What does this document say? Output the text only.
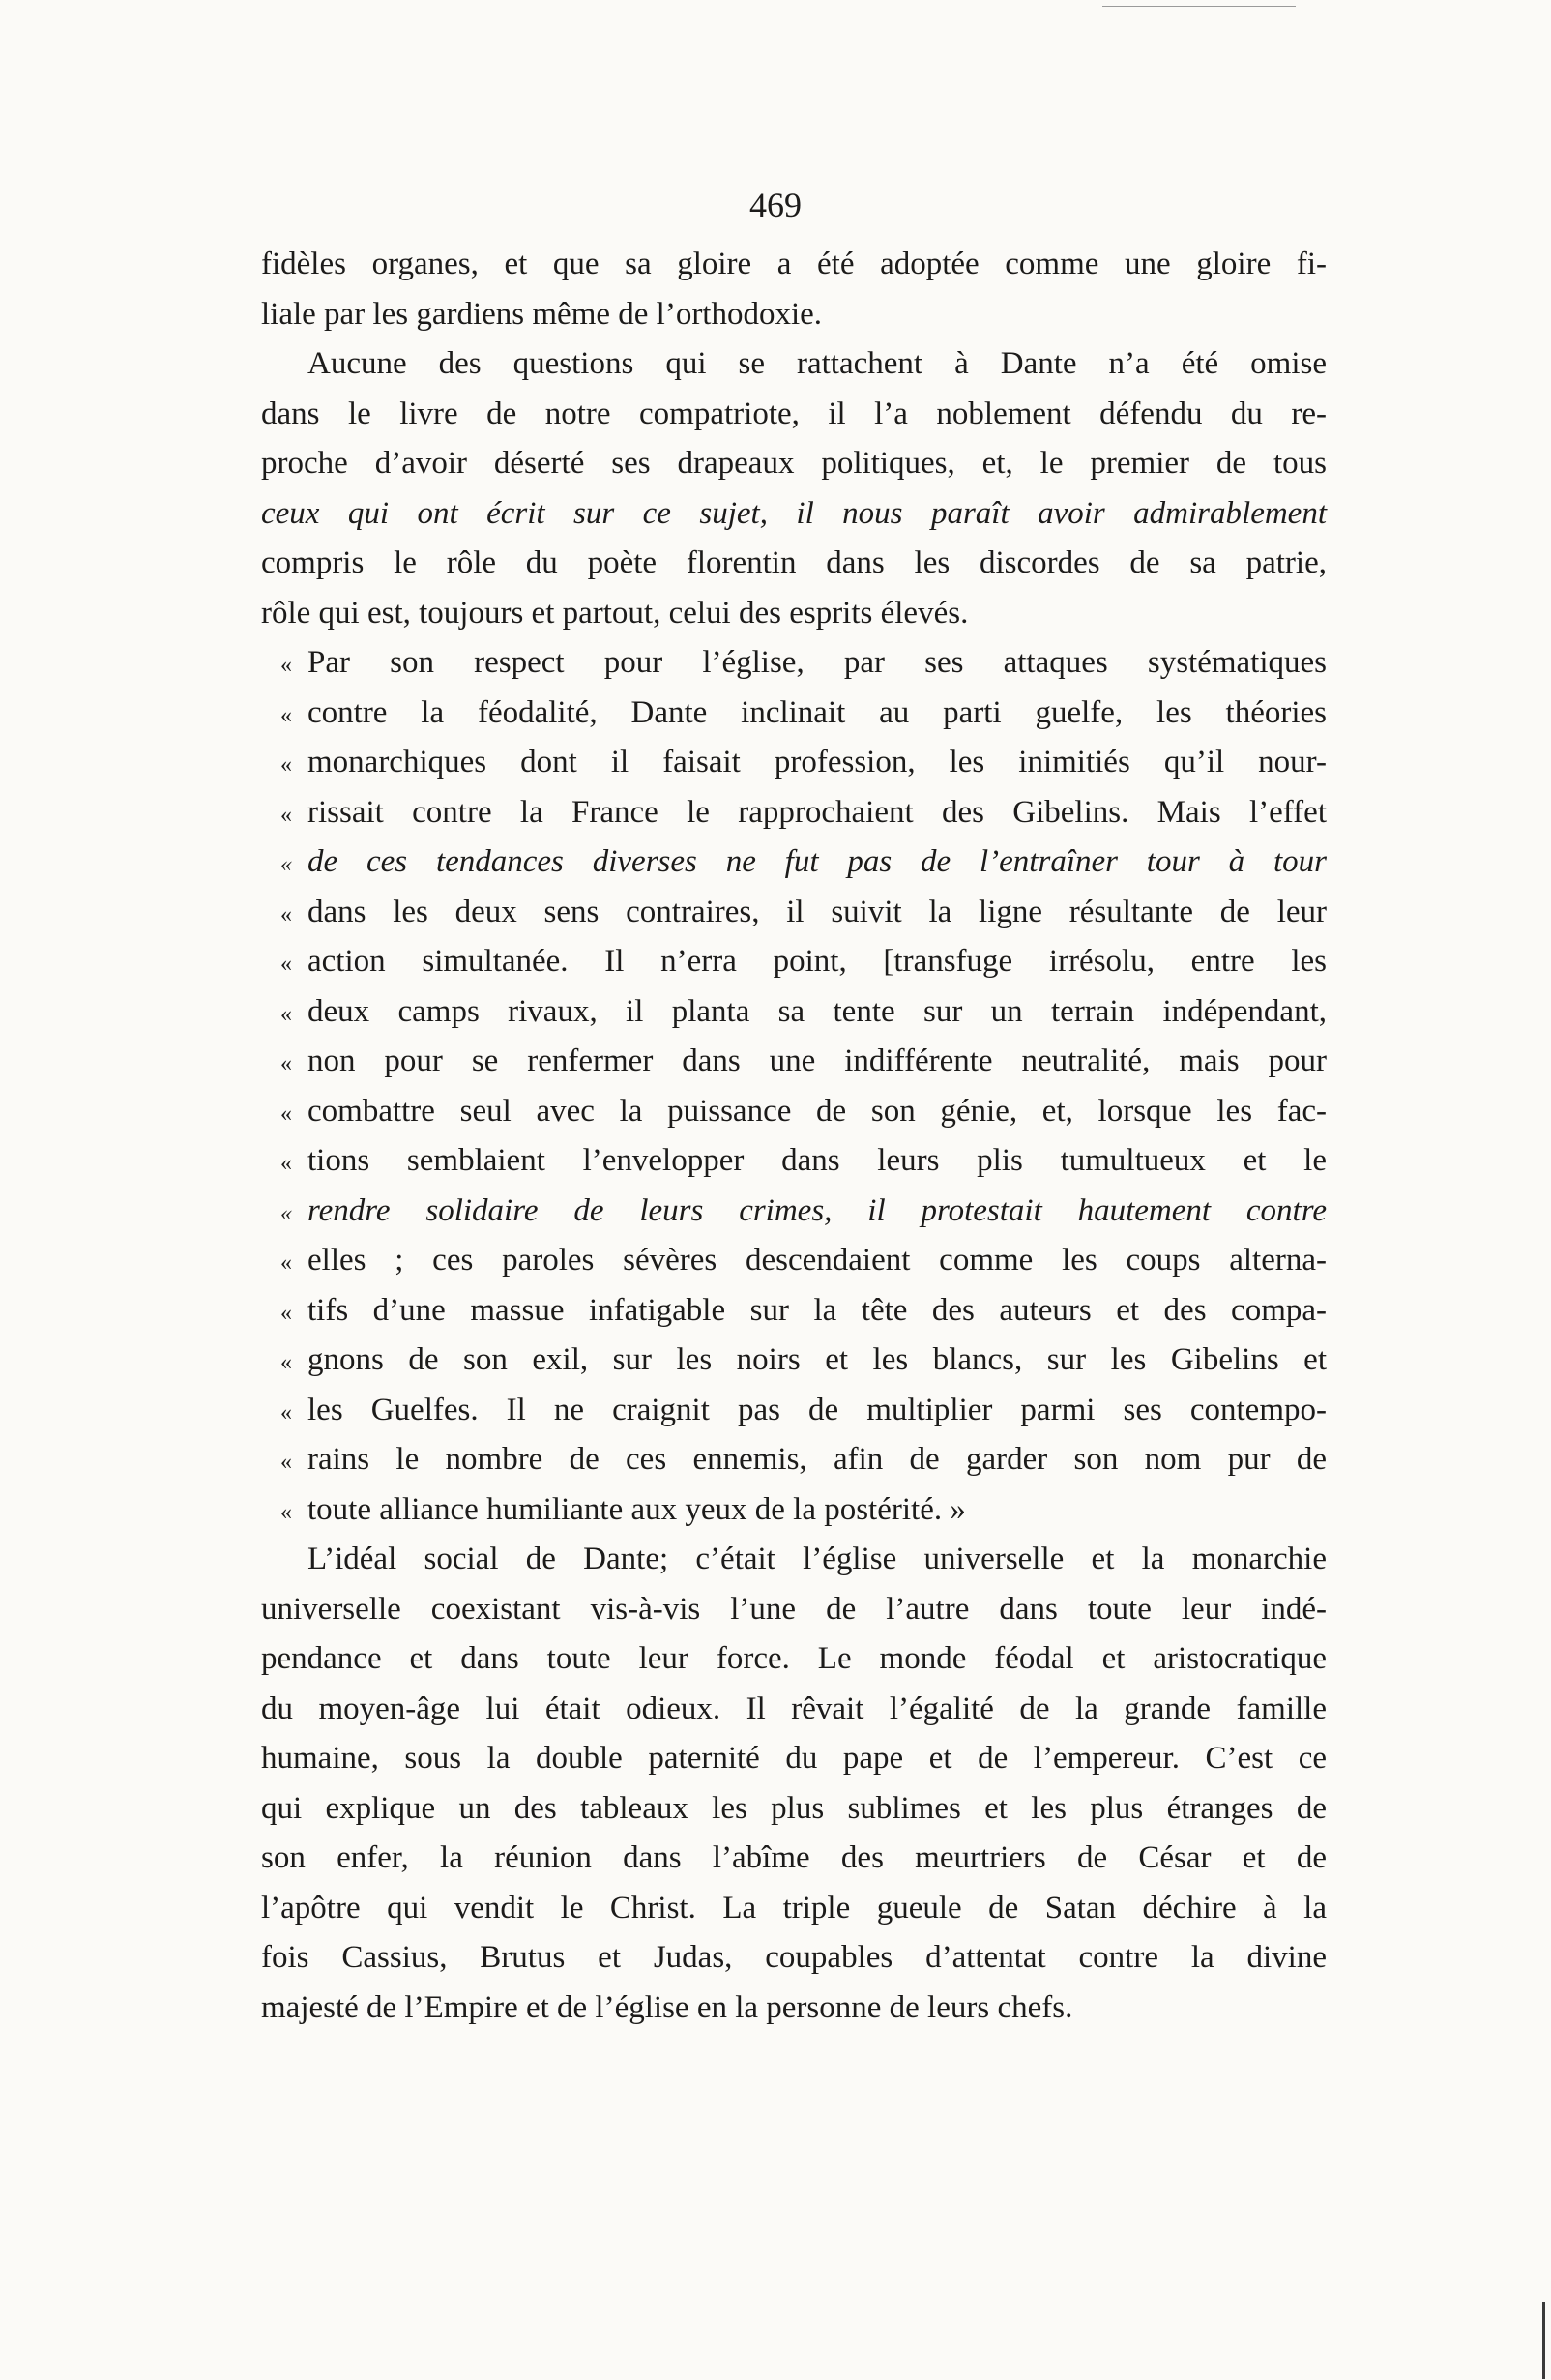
469
fidèles organes, et que sa gloire a été adoptée comme une gloire fi-
liale par les gardiens même de l’orthodoxie.
Aucune des questions qui se rattachent à Dante n’a été omise
dans le livre de notre compatriote, il l’a noblement défendu du re-
proche d’avoir déserté ses drapeaux politiques, et, le premier de tous
ceux qui ont écrit sur ce sujet, il nous paraît avoir admirablement
compris le rôle du poète florentin dans les discordes de sa patrie,
rôle qui est, toujours et partout, celui des esprits élevés.
« Par son respect pour l’église, par ses attaques systématiques
« contre la féodalité, Dante inclinait au parti guelfe, les théories
« monarchiques dont il faisait profession, les inimitiés qu’il nour-
« rissait contre la France le rapprochaient des Gibelins. Mais l’effet
« de ces tendances diverses ne fut pas de l’entraîner tour à tour
« dans les deux sens contraires, il suivit la ligne résultante de leur
« action simultanée. Il n’erra point, [transfuge irrésolu, entre les
« deux camps rivaux, il planta sa tente sur un terrain indépendant,
« non pour se renfermer dans une indifférente neutralité, mais pour
« combattre seul avec la puissance de son génie, et, lorsque les fac-
« tions semblaient l’envelopper dans leurs plis tumultueux et le
« rendre solidaire de leurs crimes, il protestait hautement contre
« elles ; ces paroles sévères descendaient comme les coups alterna-
« tifs d’une massue infatigable sur la tête des auteurs et des compa-
« gnons de son exil, sur les noirs et les blancs, sur les Gibelins et
« les Guelfes. Il ne craignit pas de multiplier parmi ses contempo-
« rains le nombre de ces ennemis, afin de garder son nom pur de
« toute alliance humiliante aux yeux de la postérité. »
L’idéal social de Dante; c’était l’église universelle et la monarchie
universelle coexistant vis-à-vis l’une de l’autre dans toute leur indé-
pendance et dans toute leur force. Le monde féodal et aristocratique
du moyen-âge lui était odieux. Il rêvait l’égalité de la grande famille
humaine, sous la double paternité du pape et de l’empereur. C’est ce
qui explique un des tableaux les plus sublimes et les plus étranges de
son enfer, la réunion dans l’abîme des meurtriers de César et de
l’apôtre qui vendit le Christ. La triple gueule de Satan déchire à la
fois Cassius, Brutus et Judas, coupables d’attentat contre la divine
majesté de l’Empire et de l’église en la personne de leurs chefs.
